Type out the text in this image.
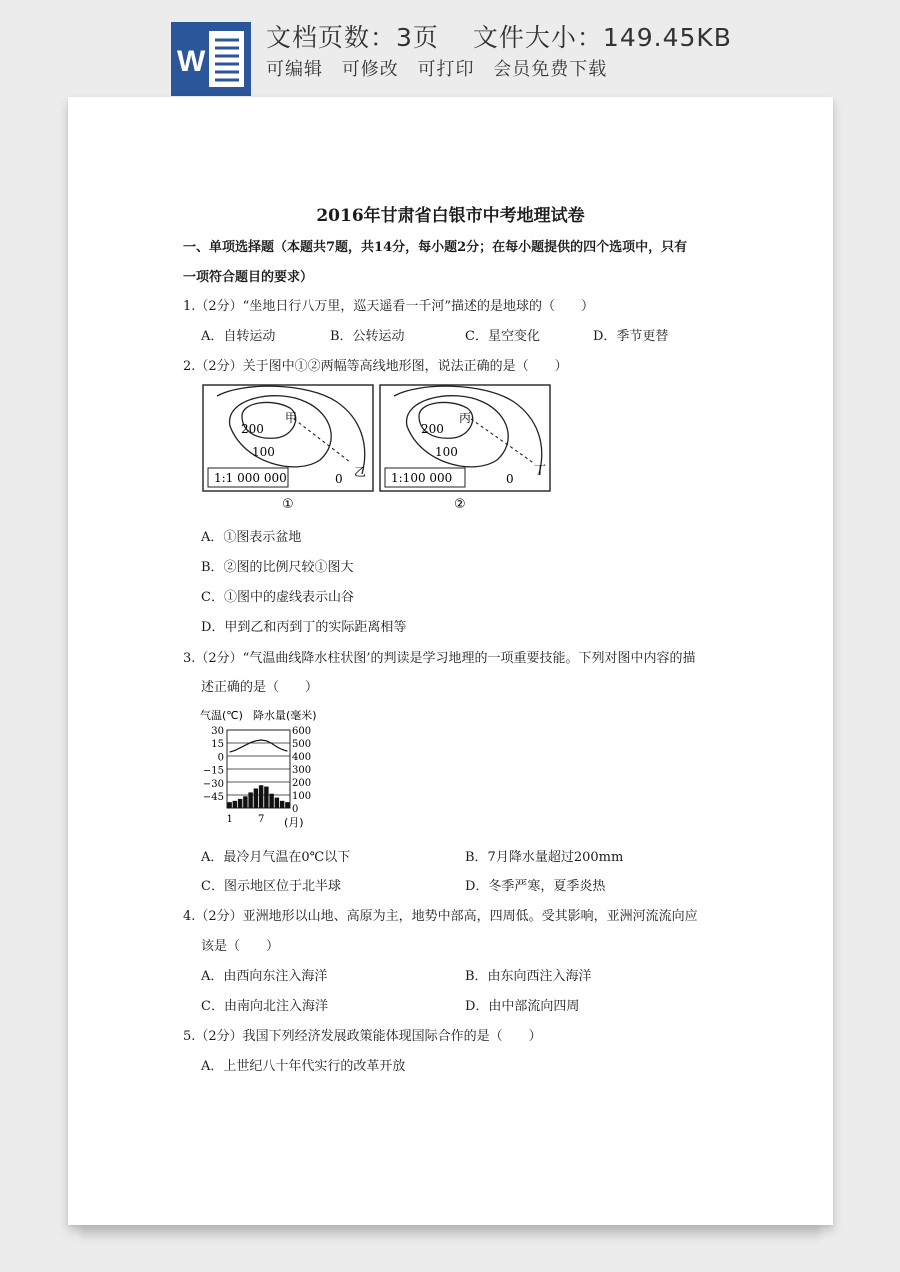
W
文档页数：3页 文件大小：149.45KB
可编辑 可修改 可打印 会员免费下载
2016年甘肃省白银市中考地理试卷
一、单项选择题（本题共7题，共14分，每小题2分；在每小题提供的四个选项中，只有
一项符合题目的要求）
1.（2分）“坐地日行八万里，巡天遥看一千河”描述的是地球的（　　）
A．自转运动	B．公转运动	C．星空变化	D．季节更替
2.（2分）关于图中①②两幅等高线地形图，说法正确的是（　　）
1:1 000 000
200
100
0
甲
乙
①
1:100 000
200
100
0
丙
丁
②
A．①图表示盆地
B．②图的比例尺较①图大
C．①图中的虚线表示山谷
D．甲到乙和丙到丁的实际距离相等
3.（2分）“气温曲线降水柱状图’的判读是学习地理的一项重要技能。下列对图中内容的描
述正确的是（　　）
气温(℃) 降水量(毫米)
30
15
0
−15
−30
−45
600
500
400
300
200
100
0
1	7 (月)
A．最冷月气温在0℃以下	B．7月降水量超过200mm
C．图示地区位于北半球	D．冬季严寒，夏季炎热
4.（2分）亚洲地形以山地、高原为主，地势中部高，四周低。受其影响，亚洲河流流向应
该是（　　）
A．由西向东注入海洋	B．由东向西注入海洋
C．由南向北注入海洋	D．由中部流向四周
5.（2分）我国下列经济发展政策能体现国际合作的是（　　）
A．上世纪八十年代实行的改革开放
